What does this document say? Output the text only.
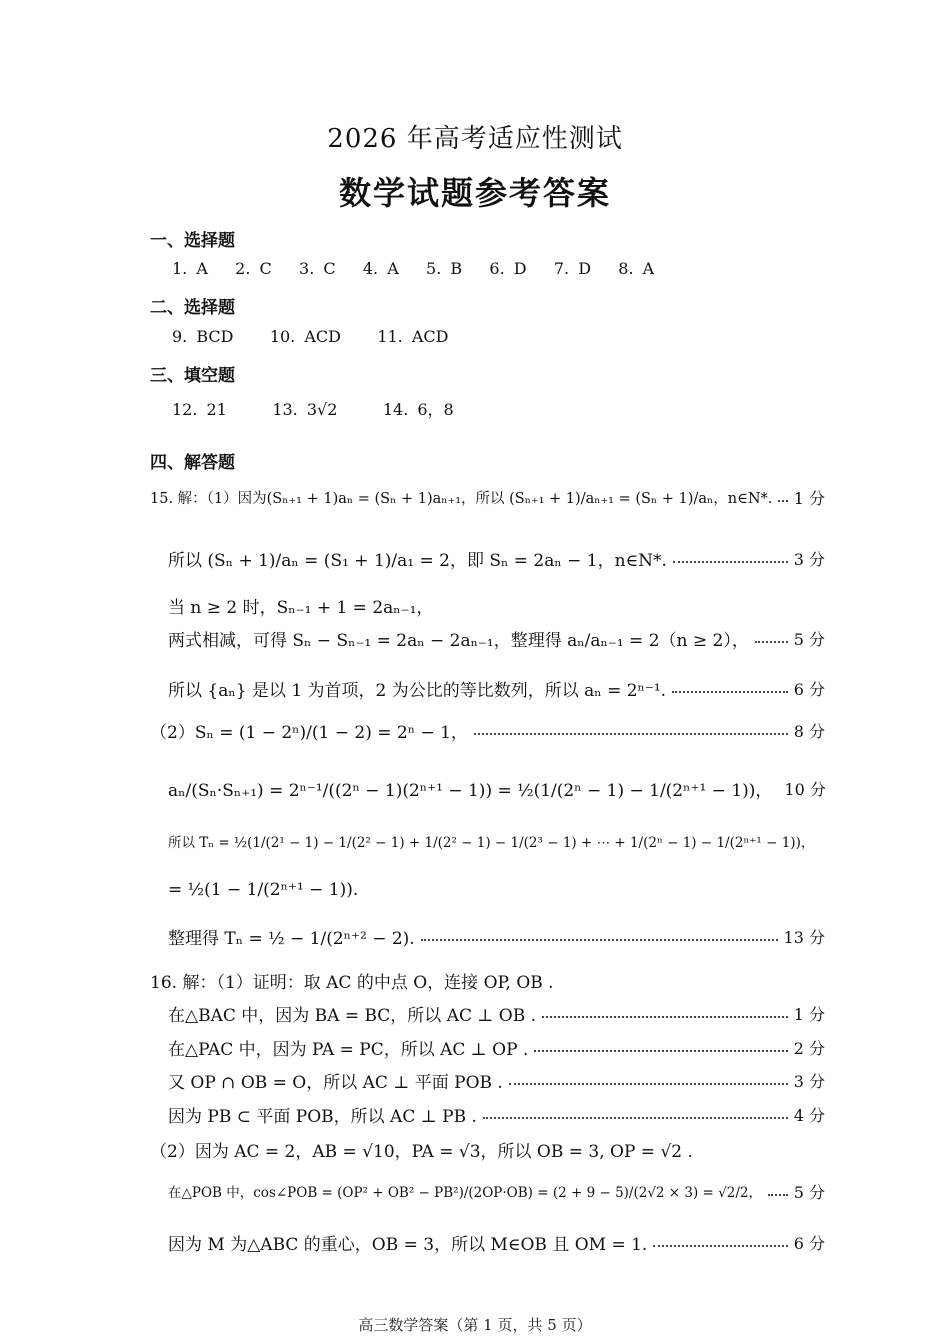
2026 年高考适应性测试
数学试题参考答案
一、选择题
1. A   2. C   3. C   4. A   5. B   6. D   7. D   8. A
二、选择题
9. BCD    10. ACD    11. ACD
三、填空题
12. 21     13. 3√2     14. 6，8
四、解答题
15. 解：（1）因为(Sₙ₊₁ + 1)aₙ = (Sₙ + 1)aₙ₊₁，所以 (Sₙ₊₁ + 1)/aₙ₊₁ = (Sₙ + 1)/aₙ，n∈N*. 1 分
所以 (Sₙ + 1)/aₙ = (S₁ + 1)/a₁ = 2，即 Sₙ = 2aₙ − 1，n∈N*.	3 分
当 n ≥ 2 时，Sₙ₋₁ + 1 = 2aₙ₋₁，
两式相减，可得 Sₙ − Sₙ₋₁ = 2aₙ − 2aₙ₋₁，整理得 aₙ/aₙ₋₁ = 2（n ≥ 2），	5 分
所以 {aₙ} 是以 1 为首项，2 为公比的等比数列，所以 aₙ = 2ⁿ⁻¹.	6 分
（2）Sₙ = (1 − 2ⁿ)/(1 − 2) = 2ⁿ − 1，	8 分
aₙ/(Sₙ·Sₙ₊₁) = 2ⁿ⁻¹/((2ⁿ − 1)(2ⁿ⁺¹ − 1)) = ½(1/(2ⁿ − 1) − 1/(2ⁿ⁺¹ − 1))， 10 分
所以 Tₙ = ½(1/(2¹ − 1) − 1/(2² − 1) + 1/(2² − 1) − 1/(2³ − 1) + ⋯ + 1/(2ⁿ − 1) − 1/(2ⁿ⁺¹ − 1))，
= ½(1 − 1/(2ⁿ⁺¹ − 1)).
整理得 Tₙ = ½ − 1/(2ⁿ⁺² − 2).	13 分
16. 解：（1）证明：取 AC 的中点 O，连接 OP, OB .
在△BAC 中，因为 BA = BC，所以 AC ⊥ OB .	1 分
在△PAC 中，因为 PA = PC，所以 AC ⊥ OP .	2 分
又 OP ∩ OB = O，所以 AC ⊥ 平面 POB .	3 分
因为 PB ⊂ 平面 POB，所以 AC ⊥ PB .	4 分
（2）因为 AC = 2，AB = √10，PA = √3，所以 OB = 3, OP = √2 .
在△POB 中，cos∠POB = (OP² + OB² − PB²)/(2OP·OB) = (2 + 9 − 5)/(2√2 × 3) = √2/2， 5 分
因为 M 为△ABC 的重心，OB = 3，所以 M∈OB 且 OM = 1.	6 分
高三数学答案（第 1 页，共 5 页）
